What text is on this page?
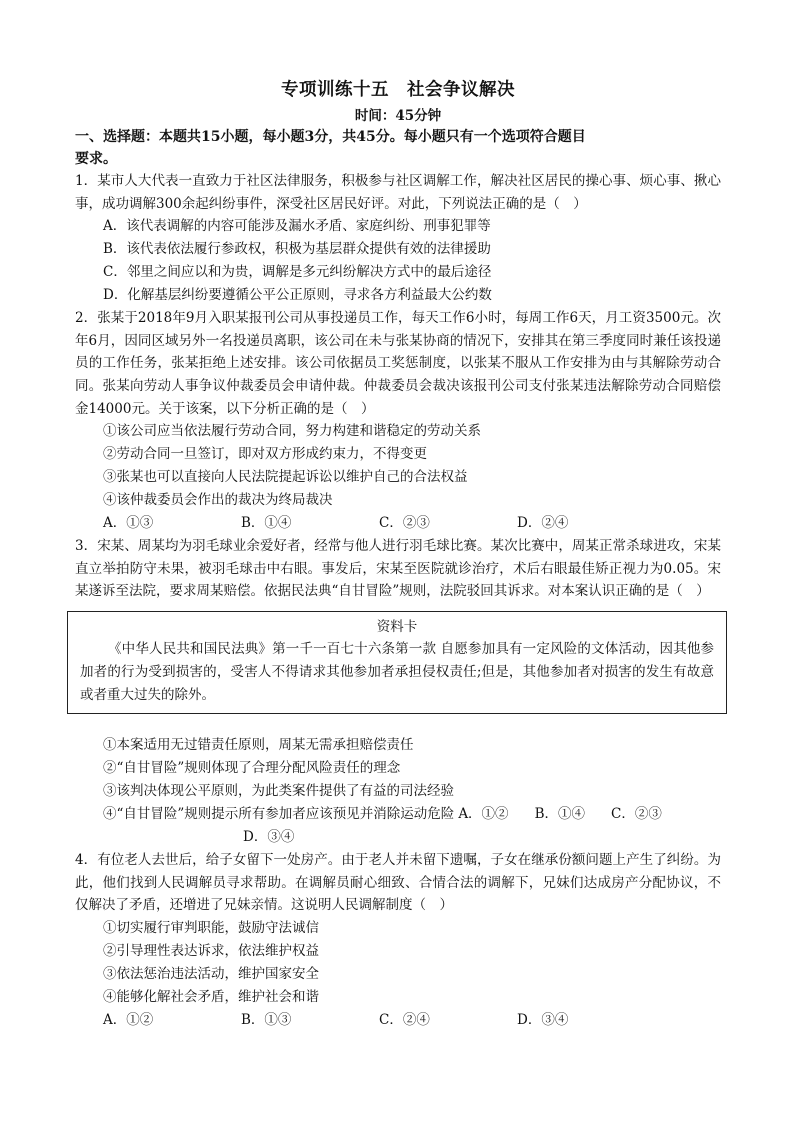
专项训练十五　社会争议解决
时间：45分钟

一、选择题：本题共15小题，每小题3分，共45分。每小题只有一个选项符合题目
要求。

1．某市人大代表一直致力于社区法律服务，积极参与社区调解工作，解决社区居民的操心事、烦心事、揪心事，成功调解300余起纠纷事件，深受社区居民好评。对此，下列说法正确的是（　）

A．该代表调解的内容可能涉及漏水矛盾、家庭纠纷、刑事犯罪等

B．该代表依法履行参政权，积极为基层群众提供有效的法律援助

C．邻里之间应以和为贵，调解是多元纠纷解决方式中的最后途径

D．化解基层纠纷要遵循公平公正原则，寻求各方利益最大公约数

2．张某于2018年9月入职某报刊公司从事投递员工作，每天工作6小时，每周工作6天，月工资3500元。次年6月，因同区域另外一名投递员离职，该公司在未与张某协商的情况下，安排其在第三季度同时兼任该投递员的工作任务，张某拒绝上述安排。该公司依据员工奖惩制度，以张某不服从工作安排为由与其解除劳动合同。张某向劳动人事争议仲裁委员会申请仲裁。仲裁委员会裁决该报刊公司支付张某违法解除劳动合同赔偿金14000元。关于该案，以下分析正确的是（　）

①该公司应当依法履行劳动合同，努力构建和谐稳定的劳动关系

②劳动合同一旦签订，即对双方形成约束力，不得变更

③张某也可以直接向人民法院提起诉讼以维护自己的合法权益

④该仲裁委员会作出的裁决为终局裁决

A．①③	B．①④	C．②③	D．②④

3．宋某、周某均为羽毛球业余爱好者，经常与他人进行羽毛球比赛。某次比赛中，周某正常杀球进攻，宋某直立举拍防守未果，被羽毛球击中右眼。事发后，宋某至医院就诊治疗，术后右眼最佳矫正视力为0.05。宋某遂诉至法院，要求周某赔偿。依据民法典“自甘冒险”规则，法院驳回其诉求。对本案认识正确的是（　）

资料卡
《中华人民共和国民法典》第一千一百七十六条第一款 自愿参加具有一定风险的文体活动，因其他参加者的行为受到损害的，受害人不得请求其他参加者承担侵权责任;但是，其他参加者对损害的发生有故意或者重大过失的除外。

①本案适用无过错责任原则，周某无需承担赔偿责任

②“自甘冒险”规则体现了合理分配风险责任的理念

③该判决体现公平原则，为此类案件提供了有益的司法经验

④“自甘冒险”规则提示所有参加者应该预见并消除运动危险 A．①② B．①④ C．②③
D．③④

4．有位老人去世后，给子女留下一处房产。由于老人并未留下遗嘱，子女在继承份额问题上产生了纠纷。为此，他们找到人民调解员寻求帮助。在调解员耐心细致、合情合法的调解下，兄妹们达成房产分配协议，不仅解决了矛盾，还增进了兄妹亲情。这说明人民调解制度（　）

①切实履行审判职能，鼓励守法诚信

②引导理性表达诉求，依法维护权益

③依法惩治违法活动，维护国家安全

④能够化解社会矛盾，维护社会和谐

A．①②	B．①③	C．②④	D．③④
